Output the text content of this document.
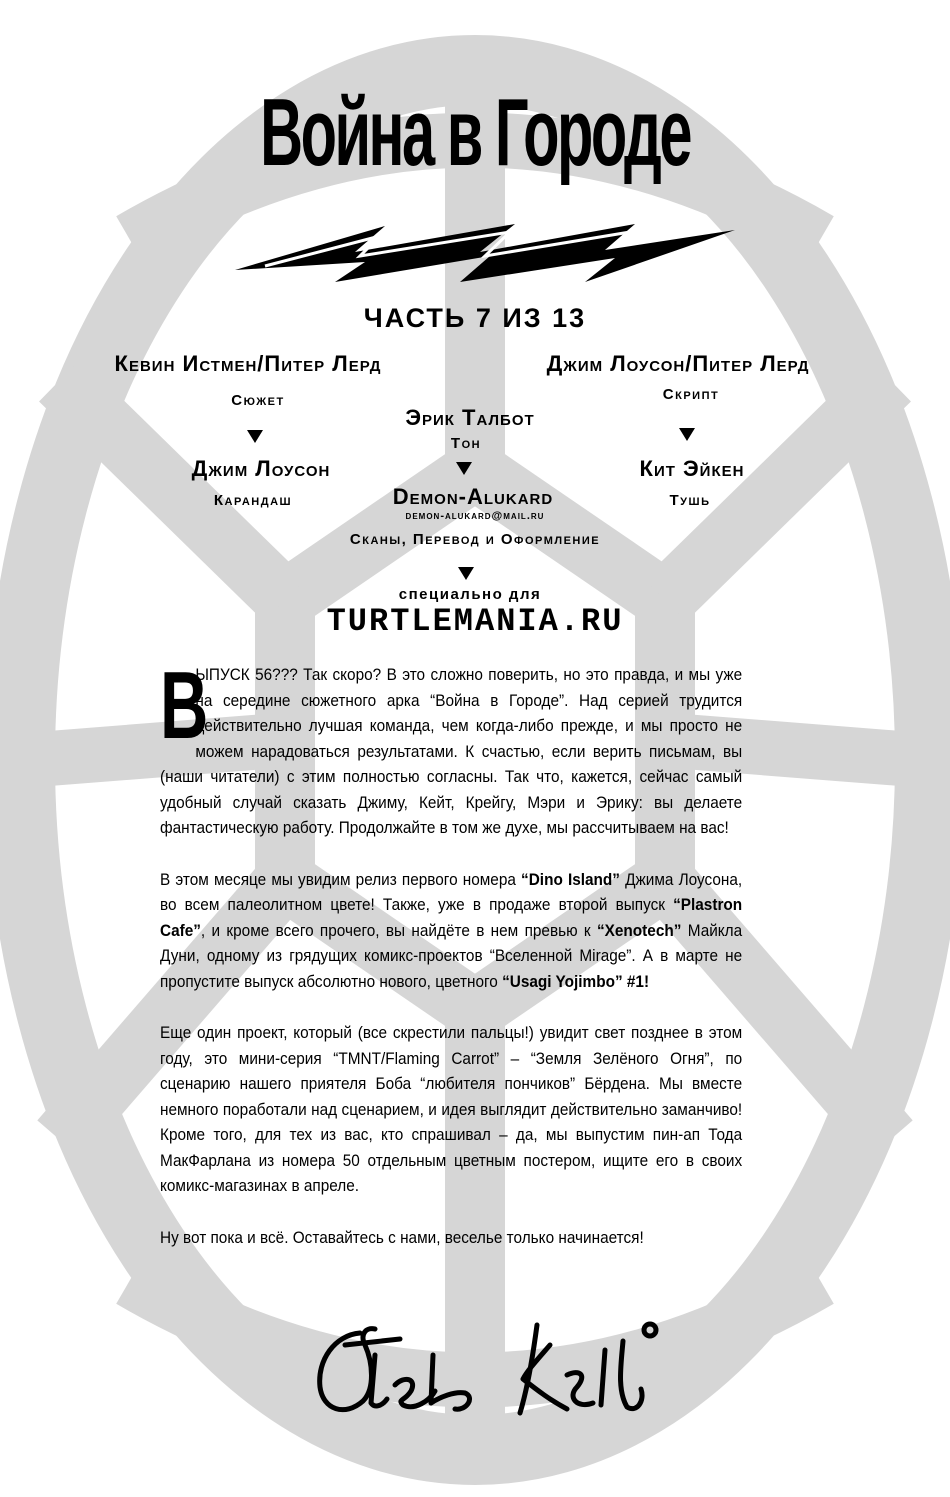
Война в Городе
ЧАСТЬ 7 ИЗ 13
Кевин Истмен/Питер Лерд
Сюжет
Джим Лоусон
Карандаш
Джим Лоусон/Питер Лерд
Скрипт
Кит Эйкен
Тушь
Эрик Талбот
Тон
Demon-Alukard
demon-alukard@mail.ru
Сканы, Перевод и Оформление
специально для
TURTLEMANIA.RU

В
ЫПУСК 56??? Так скоро? В это сложно поверить, но это правда, и мы уже на середине сюжетного арка “Война в Городе”. Над серией трудится действительно лучшая команда, чем когда-либо прежде, и мы просто не можем нарадоваться результатами. К счастью, если верить письмам, вы (наши читатели) с этим полностью согласны. Так что, кажется, сейчас самый удобный случай сказать Джиму, Кейт, Крейгу, Мэри и Эрику: вы делаете фантастическую работу. Продолжайте в том же духе, мы рассчитываем на вас!

В этом месяце мы увидим релиз первого номера “Dino Island” Джима Лоусона, во всем палеолитном цвете! Также, уже в продаже второй выпуск “Plastron Cafe”, и кроме всего прочего, вы найдёте в нем превью к “Xenotech” Майкла Дуни, одному из грядущих комикс-проектов “Вселенной Mirage”. А в марте не пропустите выпуск абсолютно нового, цветного “Usagi Yojimbo” #1!

Еще один проект, который (все скрестили пальцы!) увидит свет позднее в этом году, это мини-серия “TMNT/Flaming Carrot” – “Земля Зелёного Огня”, по сценарию нашего приятеля Боба “любителя пончиков” Бёрдена. Мы вместе немного поработали над сценарием, и идея выглядит действительно заманчиво! Кроме того, для тех из вас, кто спрашивал – да, мы выпустим пин-ап Тода МакФарлана из номера 50 отдельным цветным постером, ищите его в своих комикс-магазинах в апреле.

Ну вот пока и всё. Оставайтесь с нами, веселье только начинается!
